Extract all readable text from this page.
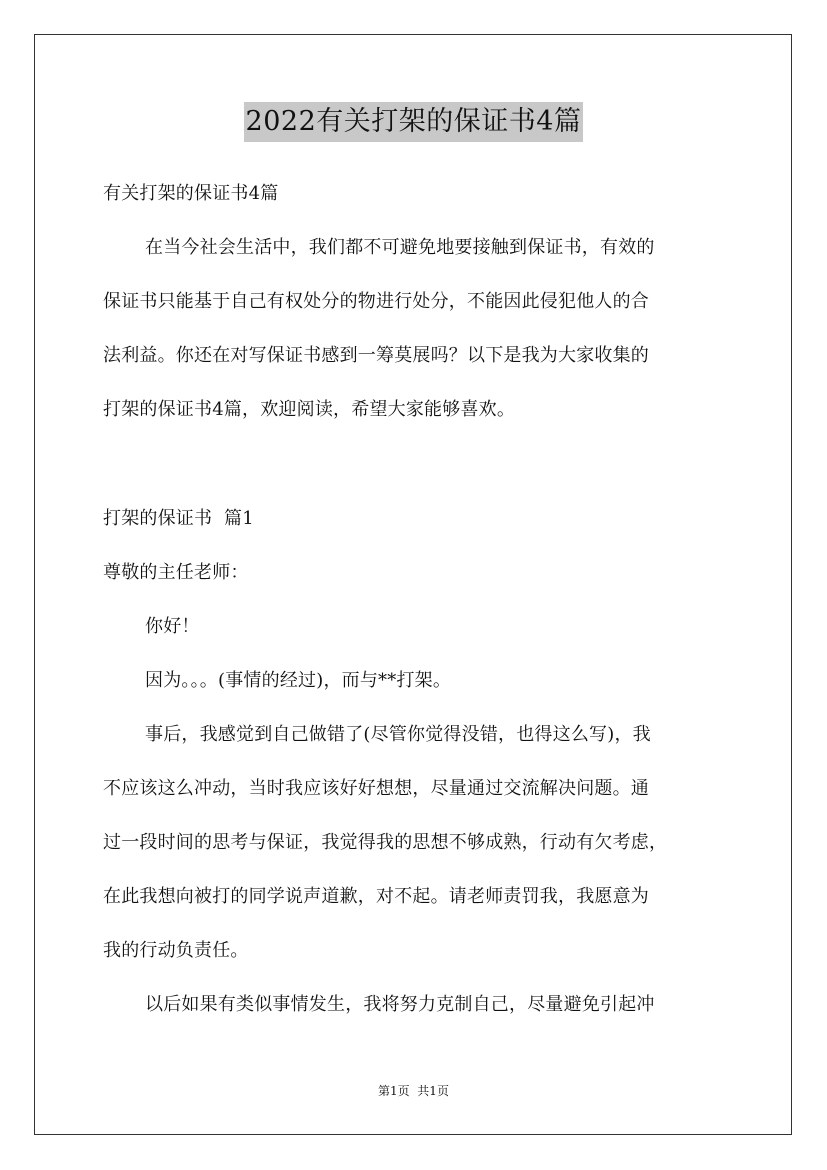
2022有关打架的保证书4篇
有关打架的保证书4篇
在当今社会生活中，我们都不可避免地要接触到保证书，有效的
保证书只能基于自己有权处分的物进行处分，不能因此侵犯他人的合
法利益。你还在对写保证书感到一筹莫展吗？以下是我为大家收集的
打架的保证书4篇，欢迎阅读，希望大家能够喜欢。
打架的保证书  篇1
尊敬的主任老师：
你好！
因为。。。(事情的经过)，而与**打架。
事后，我感觉到自己做错了(尽管你觉得没错，也得这么写)，我
不应该这么冲动，当时我应该好好想想，尽量通过交流解决问题。通
过一段时间的思考与保证，我觉得我的思想不够成熟，行动有欠考虑，
在此我想向被打的同学说声道歉，对不起。请老师责罚我，我愿意为
我的行动负责任。
以后如果有类似事情发生，我将努力克制自己，尽量避免引起冲
第1页  共1页
